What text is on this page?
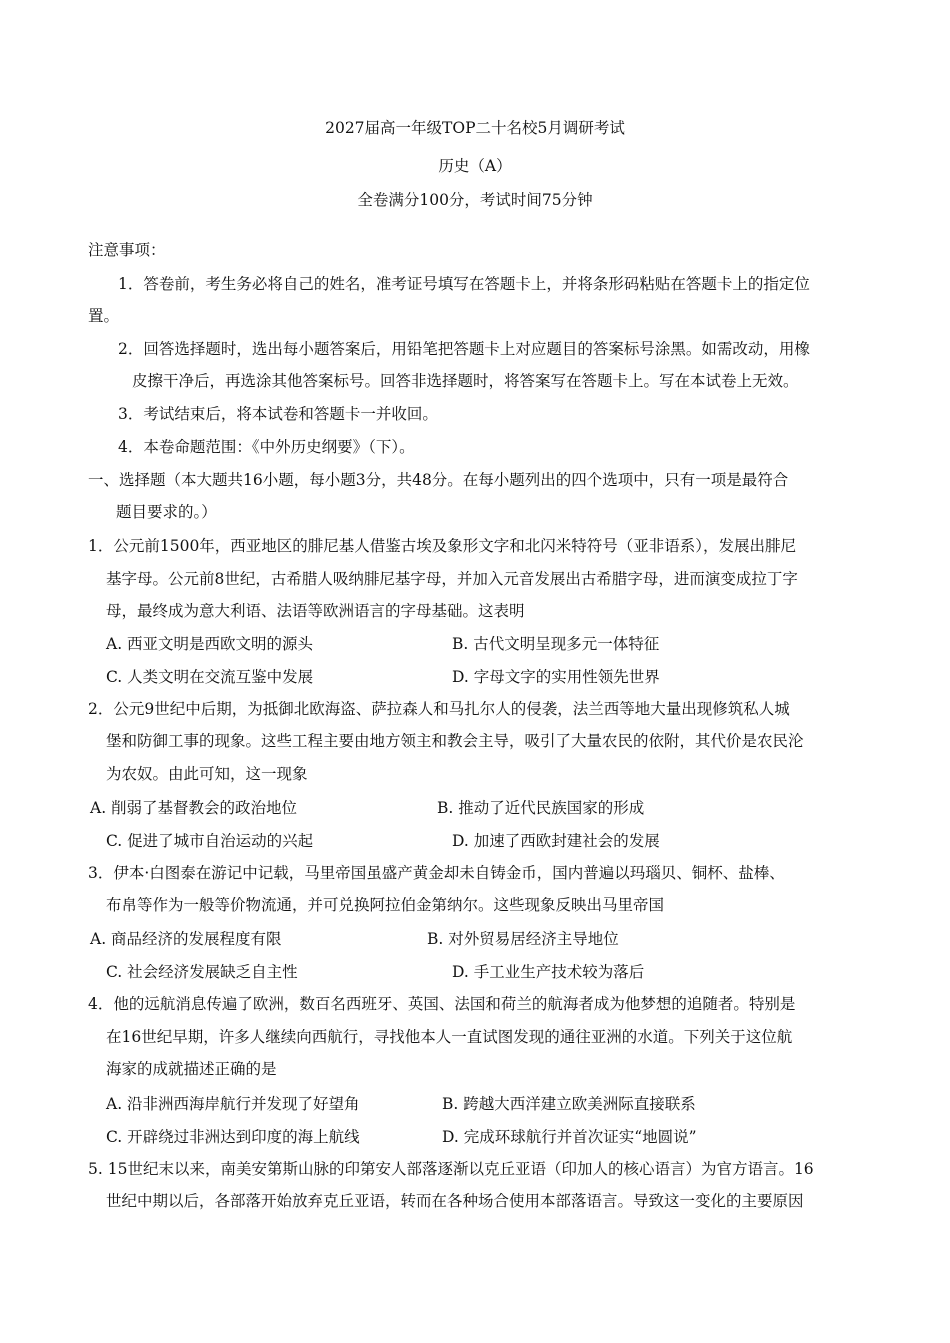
2027届高一年级TOP二十名校5月调研考试
历史（A）
全卷满分100分，考试时间75分钟
注意事项：
1．答卷前，考生务必将自己的姓名，准考证号填写在答题卡上，并将条形码粘贴在答题卡上的指定位
置。
2．回答选择题时，选出每小题答案后，用铅笔把答题卡上对应题目的答案标号涂黑。如需改动，用橡
皮擦干净后，再选涂其他答案标号。回答非选择题时，将答案写在答题卡上。写在本试卷上无效。
3．考试结束后，将本试卷和答题卡一并收回。
4．本卷命题范围：《中外历史纲要》（下）。
一、选择题（本大题共16小题，每小题3分，共48分。在每小题列出的四个选项中，只有一项是最符合
题目要求的。）
1．公元前1500年，西亚地区的腓尼基人借鉴古埃及象形文字和北闪米特符号（亚非语系），发展出腓尼
基字母。公元前8世纪，古希腊人吸纳腓尼基字母，并加入元音发展出古希腊字母，进而演变成拉丁字
母，最终成为意大利语、法语等欧洲语言的字母基础。这表明
A. 西亚文明是西欧文明的源头	B. 古代文明呈现多元一体特征
C. 人类文明在交流互鉴中发展	D. 字母文字的实用性领先世界
2．公元9世纪中后期，为抵御北欧海盗、萨拉森人和马扎尔人的侵袭，法兰西等地大量出现修筑私人城
堡和防御工事的现象。这些工程主要由地方领主和教会主导，吸引了大量农民的依附，其代价是农民沦
为农奴。由此可知，这一现象
A. 削弱了基督教会的政治地位	B. 推动了近代民族国家的形成
C. 促进了城市自治运动的兴起	D. 加速了西欧封建社会的发展
3．伊本·白图泰在游记中记载，马里帝国虽盛产黄金却未自铸金币，国内普遍以玛瑙贝、铜杯、盐棒、
布帛等作为一般等价物流通，并可兑换阿拉伯金第纳尔。这些现象反映出马里帝国
A. 商品经济的发展程度有限	B. 对外贸易居经济主导地位
C. 社会经济发展缺乏自主性	D. 手工业生产技术较为落后
4．他的远航消息传遍了欧洲，数百名西班牙、英国、法国和荷兰的航海者成为他梦想的追随者。特别是
在16世纪早期，许多人继续向西航行，寻找他本人一直试图发现的通往亚洲的水道。下列关于这位航
海家的成就描述正确的是
A. 沿非洲西海岸航行并发现了好望角	B. 跨越大西洋建立欧美洲际直接联系
C. 开辟绕过非洲达到印度的海上航线	D. 完成环球航行并首次证实“地圆说”
5. 15世纪末以来，南美安第斯山脉的印第安人部落逐渐以克丘亚语（印加人的核心语言）为官方语言。16
世纪中期以后，各部落开始放弃克丘亚语，转而在各种场合使用本部落语言。导致这一变化的主要原因
